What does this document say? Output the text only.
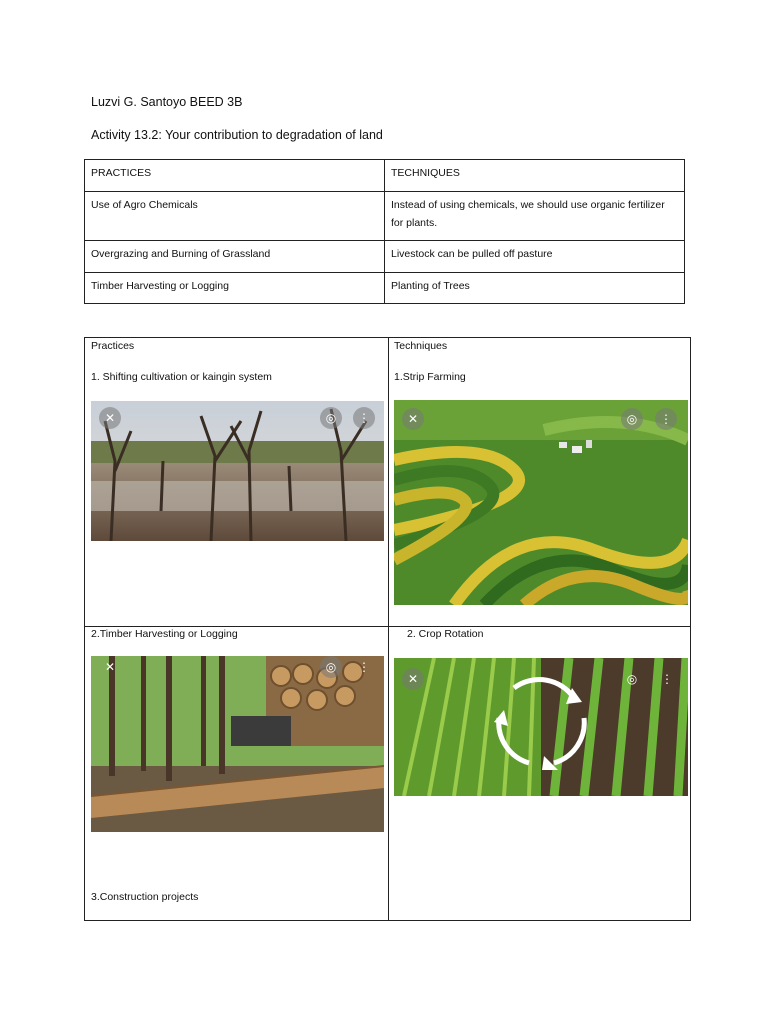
Luzvi G. Santoyo BEED 3B
Activity 13.2: Your contribution to degradation of land
PRACTICES	TECHNIQUES
Use of Agro Chemicals	Instead of using chemicals, we should use organic fertilizer for plants.
Overgrazing and Burning of Grassland	Livestock can be pulled off pasture
Timber Harvesting or Logging	Planting of Trees
Practices	Techniques
1. Shifting cultivation or kaingin system	1.Strip Farming
2.Timber Harvesting or Logging	2. Crop Rotation
3.Construction projects
✕	◎	⋮	✕	◎	⋮
✕	◎	⋮
✕	◎	⋮
